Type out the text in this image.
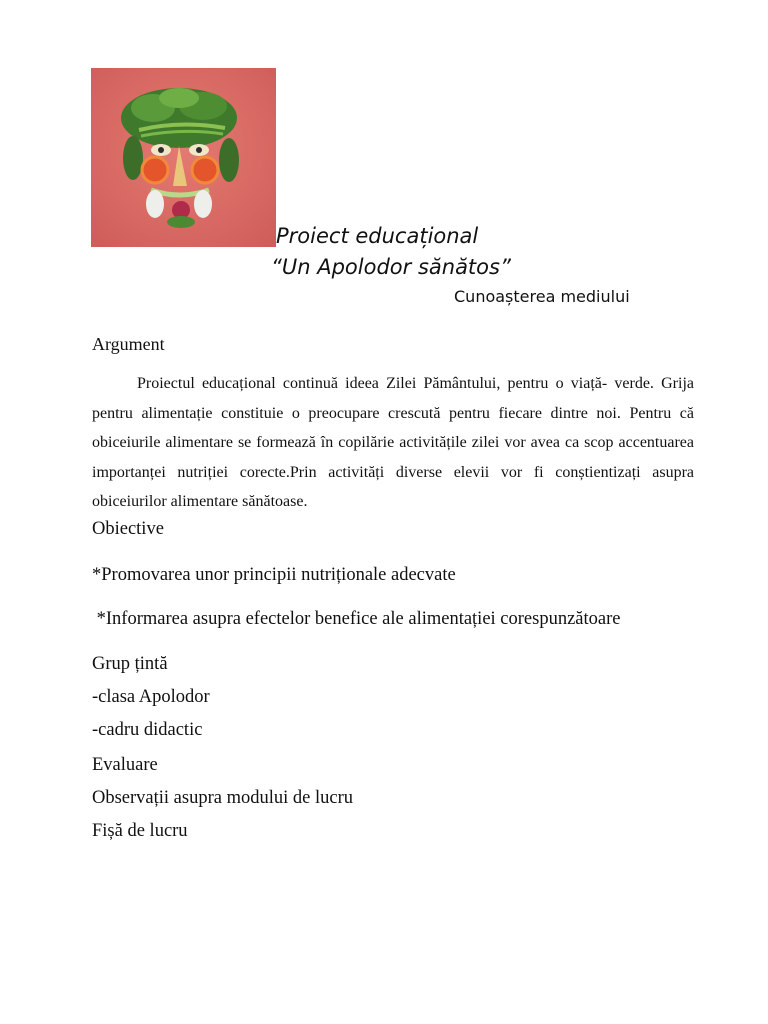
Proiect educațional
“Un Apolodor sănătos”
Cunoașterea mediului
Argument
Proiectul educațional continuă ideea Zilei Pământului, pentru o viață- verde. Grija pentru alimentație constituie o preocupare crescută pentru fiecare dintre noi. Pentru că obiceiurile alimentare se formează în copilărie activitățile zilei vor avea ca scop accentuarea importanței nutriției corecte.Prin activități diverse elevii vor fi conștientizați asupra obiceiurilor alimentare sănătoase.
Obiective
*Promovarea unor principii nutriționale adecvate
*Informarea asupra efectelor benefice ale alimentației corespunzătoare
Grup țintă
-clasa Apolodor
-cadru didactic
Evaluare
Observații asupra modului de lucru
Fișă de lucru
